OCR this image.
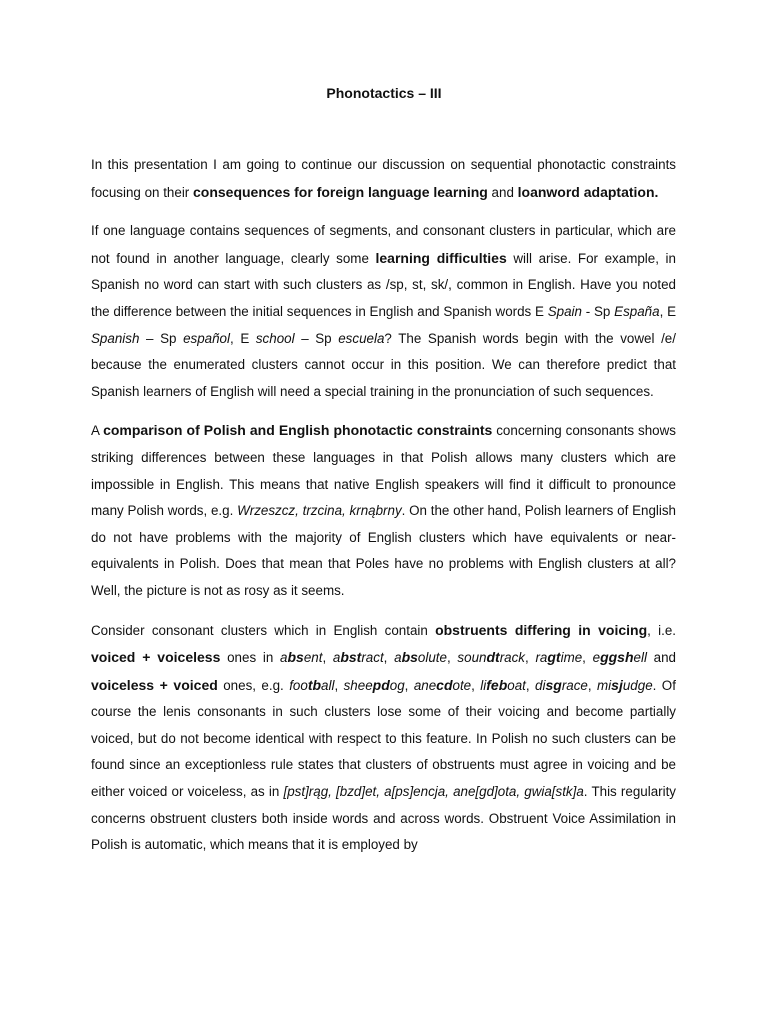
Phonotactics – III

In this presentation I am going to continue our discussion on sequential phonotactic constraints focusing on their consequences for foreign language learning and loanword adaptation.

If one language contains sequences of segments, and consonant clusters in particular, which are not found in another language, clearly some learning difficulties will arise. For example, in Spanish no word can start with such clusters as /sp, st, sk/, common in English. Have you noted the difference between the initial sequences in English and Spanish words E Spain - Sp España, E Spanish – Sp español, E school – Sp escuela? The Spanish words begin with the vowel /e/ because the enumerated clusters cannot occur in this position. We can therefore predict that Spanish learners of English will need a special training in the pronunciation of such sequences.

A comparison of Polish and English phonotactic constraints concerning consonants shows striking differences between these languages in that Polish allows many clusters which are impossible in English. This means that native English speakers will find it difficult to pronounce many Polish words, e.g. Wrzeszcz, trzcina, krnąbrny. On the other hand, Polish learners of English do not have problems with the majority of English clusters which have equivalents or near-equivalents in Polish. Does that mean that Poles have no problems with English clusters at all? Well, the picture is not as rosy as it seems.

Consider consonant clusters which in English contain obstruents differing in voicing, i.e. voiced + voiceless ones in absent, abstract, absolute, soundtrack, ragtime, eggshell and voiceless + voiced ones, e.g. football, sheepdog, anecdote, lifeboat, disgrace, misjudge. Of course the lenis consonants in such clusters lose some of their voicing and become partially voiced, but do not become identical with respect to this feature. In Polish no such clusters can be found since an exceptionless rule states that clusters of obstruents must agree in voicing and be either voiced or voiceless, as in [pst]rąg, [bzd]et, a[ps]encja, ane[gd]ota, gwia[stk]a. This regularity concerns obstruent clusters both inside words and across words. Obstruent Voice Assimilation in Polish is automatic, which means that it is employed by
